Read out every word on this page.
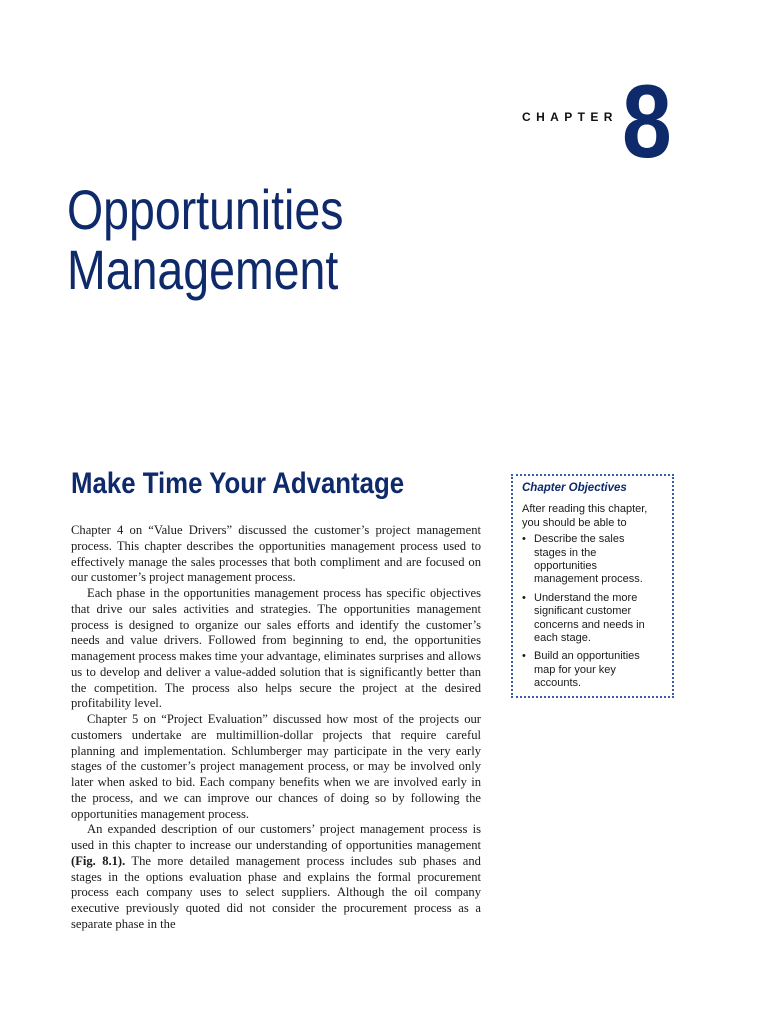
CHAPTER 8
Opportunities
Management
Make Time Your Advantage

Chapter 4 on “Value Drivers” discussed the customer’s project management process. This chapter describes the opportunities management process used to effectively manage the sales processes that both compliment and are focused on our customer’s project management process.

Each phase in the opportunities management process has specific objectives that drive our sales activities and strategies. The opportunities management process is designed to organize our sales efforts and identify the customer’s needs and value drivers. Followed from beginning to end, the opportunities management process makes time your advantage, eliminates surprises and allows us to develop and deliver a value-added solution that is significantly better than the competition. The process also helps secure the project at the desired profitability level.

Chapter 5 on “Project Evaluation” discussed how most of the projects our customers undertake are multimillion-dollar projects that require careful planning and implementation. Schlumberger may participate in the very early stages of the customer’s project management process, or may be involved only later when asked to bid. Each company benefits when we are involved early in the process, and we can improve our chances of doing so by following the opportunities management process.

An expanded description of our customers’ project management process is used in this chapter to increase our understanding of opportunities management (Fig. 8.1). The more detailed management process includes sub phases and stages in the options evaluation phase and explains the formal procurement process each company uses to select suppliers. Although the oil company executive previously quoted did not consider the procurement process as a separate phase in the

Chapter Objectives
After reading this chapter, you should be able to
• Describe the sales stages in the opportunities management process.
• Understand the more significant customer concerns and needs in each stage.
• Build an opportunities map for your key accounts.
